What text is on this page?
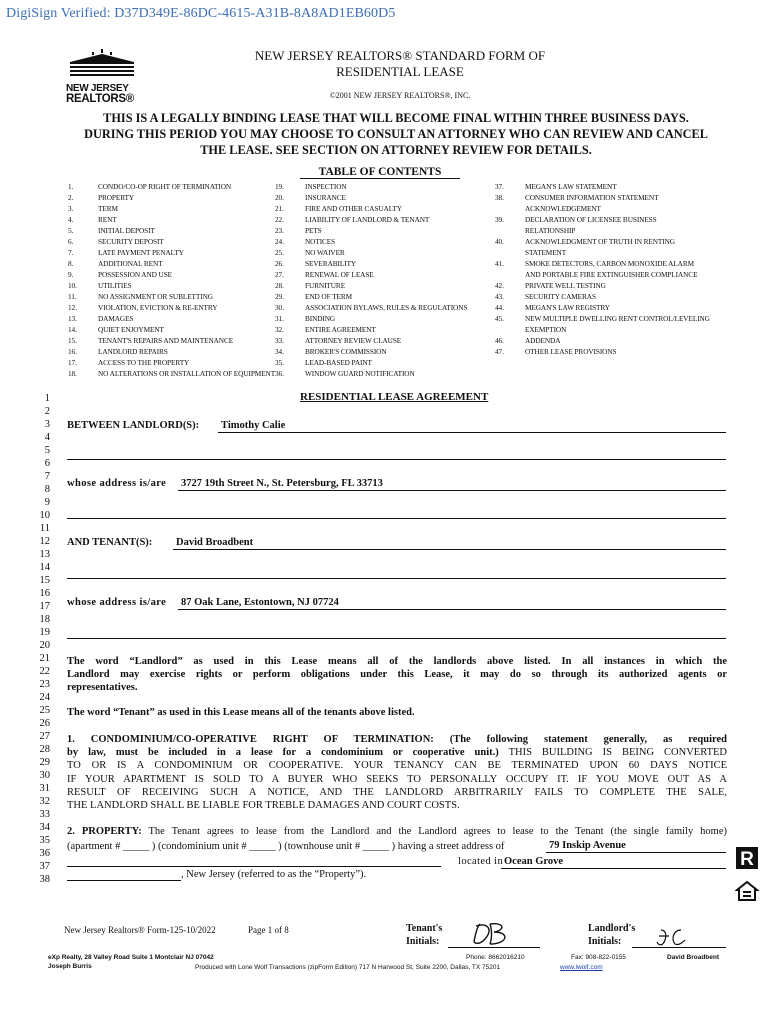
DigiSign Verified: D37D349E-86DC-4615-A31B-8A8AD1EB60D5
NEW JERSEY
REALTORS®
NEW JERSEY REALTORS® STANDARD FORM OF
RESIDENTIAL LEASE
©2001 NEW JERSEY REALTORS®, INC.
THIS IS A LEGALLY BINDING LEASE THAT WILL BECOME FINAL WITHIN THREE BUSINESS DAYS.
DURING THIS PERIOD YOU MAY CHOOSE TO CONSULT AN ATTORNEY WHO CAN REVIEW AND CANCEL
THE LEASE. SEE SECTION ON ATTORNEY REVIEW FOR DETAILS.
TABLE OF CONTENTS
1.	CONDO/CO-OP RIGHT OF TERMINATION
2.	PROPERTY
3.	TERM
4.	RENT
5.	INITIAL DEPOSIT
6.	SECURITY DEPOSIT
7.	LATE PAYMENT PENALTY
8.	ADDITIONAL RENT
9.	POSSESSION AND USE
10.	UTILITIES
11.	NO ASSIGNMENT OR SUBLETTING
12.	VIOLATION, EVICTION & RE-ENTRY
13.	DAMAGES
14.	QUIET ENJOYMENT
15.	TENANT'S REPAIRS AND MAINTENANCE
16.	LANDLORD REPAIRS
17.	ACCESS TO THE PROPERTY
18.	NO ALTERATIONS OR INSTALLATION OF EQUIPMENT
19.	INSPECTION
20.	INSURANCE
21.	FIRE AND OTHER CASUALTY
22.	LIABILITY OF LANDLORD & TENANT
23.	PETS
24.	NOTICES
25.	NO WAIVER
26.	SEVERABILITY
27.	RENEWAL OF LEASE
28.	FURNITURE
29.	END OF TERM
30.	ASSOCIATION BYLAWS, RULES & REGULATIONS
31.	BINDING
32.	ENTIRE AGREEMENT
33.	ATTORNEY REVIEW CLAUSE
34.	BROKER'S COMMISSION
35.	LEAD-BASED PAINT
36.	WINDOW GUARD NOTIFICATION
37.	MEGAN'S LAW STATEMENT
38.	CONSUMER INFORMATION STATEMENT
ACKNOWLEDGEMENT
39.	DECLARATION OF LICENSEE BUSINESS
RELATIONSHIP
40.	ACKNOWLEDGMENT OF TRUTH IN RENTING
STATEMENT
41.	SMOKE DETECTORS, CARBON MONOXIDE ALARM
AND PORTABLE FIRE EXTINGUISHER COMPLIANCE
42.	PRIVATE WELL TESTING
43.	SECURITY CAMERAS
44.	MEGAN'S LAW REGISTRY
45.	NEW MULTIPLE DWELLING RENT CONTROL/LEVELING
EXEMPTION
46.	ADDENDA
47.	OTHER LEASE PROVISIONS
1
2
3
4
5
6
7
8
9
10
11
12
13
14
15
16
17
18
19
20
21
22
23
24
25
26
27
28
29
30
31
32
33
34
35
36
37
38
RESIDENTIAL LEASE AGREEMENT
BETWEEN LANDLORD(S): Timothy Calie
whose address is/are 3727 19th Street N., St. Petersburg, FL 33713
AND TENANT(S): David Broadbent
whose address is/are 87 Oak Lane, Estontown, NJ 07724
The word “Landlord” as used in this Lease means all of the landlords above listed. In all instances in which the
Landlord may exercise rights or perform obligations under this Lease, it may do so through its authorized agents or
representatives.
The word “Tenant” as used in this Lease means all of the tenants above listed.
1. CONDOMINIUM/CO-OPERATIVE RIGHT OF TERMINATION: (The following statement generally, as required
by law, must be included in a lease for a condominium or cooperative unit.) THIS BUILDING IS BEING CONVERTED
TO OR IS A CONDOMINIUM OR COOPERATIVE. YOUR TENANCY CAN BE TERMINATED UPON 60 DAYS NOTICE
IF YOUR APARTMENT IS SOLD TO A BUYER WHO SEEKS TO PERSONALLY OCCUPY IT. IF YOU MOVE OUT AS A
RESULT OF RECEIVING SUCH A NOTICE, AND THE LANDLORD ARBITRARILY FAILS TO COMPLETE THE SALE,
THE LANDLORD SHALL BE LIABLE FOR TREBLE DAMAGES AND COURT COSTS.
2. PROPERTY: The Tenant agrees to lease from the Landlord and the Landlord agrees to lease to the Tenant (the single family home)
(apartment # _____ ) (condominium unit # _____ ) (townhouse unit # _____ ) having a street address of	79 Inskip Avenue
located in Ocean Grove
, New Jersey (referred to as the “Property”).
R
New Jersey Realtors® Form-125-10/2022	Page 1 of 8	Tenant's
Initials:
Landlord's
Initials:
eXp Realty, 28 Valley Road Suite 1 Montclair NJ 07042
Joseph Burris
Phone: 8662016210	Fax: 908-822-0155	David Broadbent
Produced with Lone Wolf Transactions (zipForm Edition) 717 N Harwood St, Suite 2200, Dallas, TX 75201	www.lwolf.com
